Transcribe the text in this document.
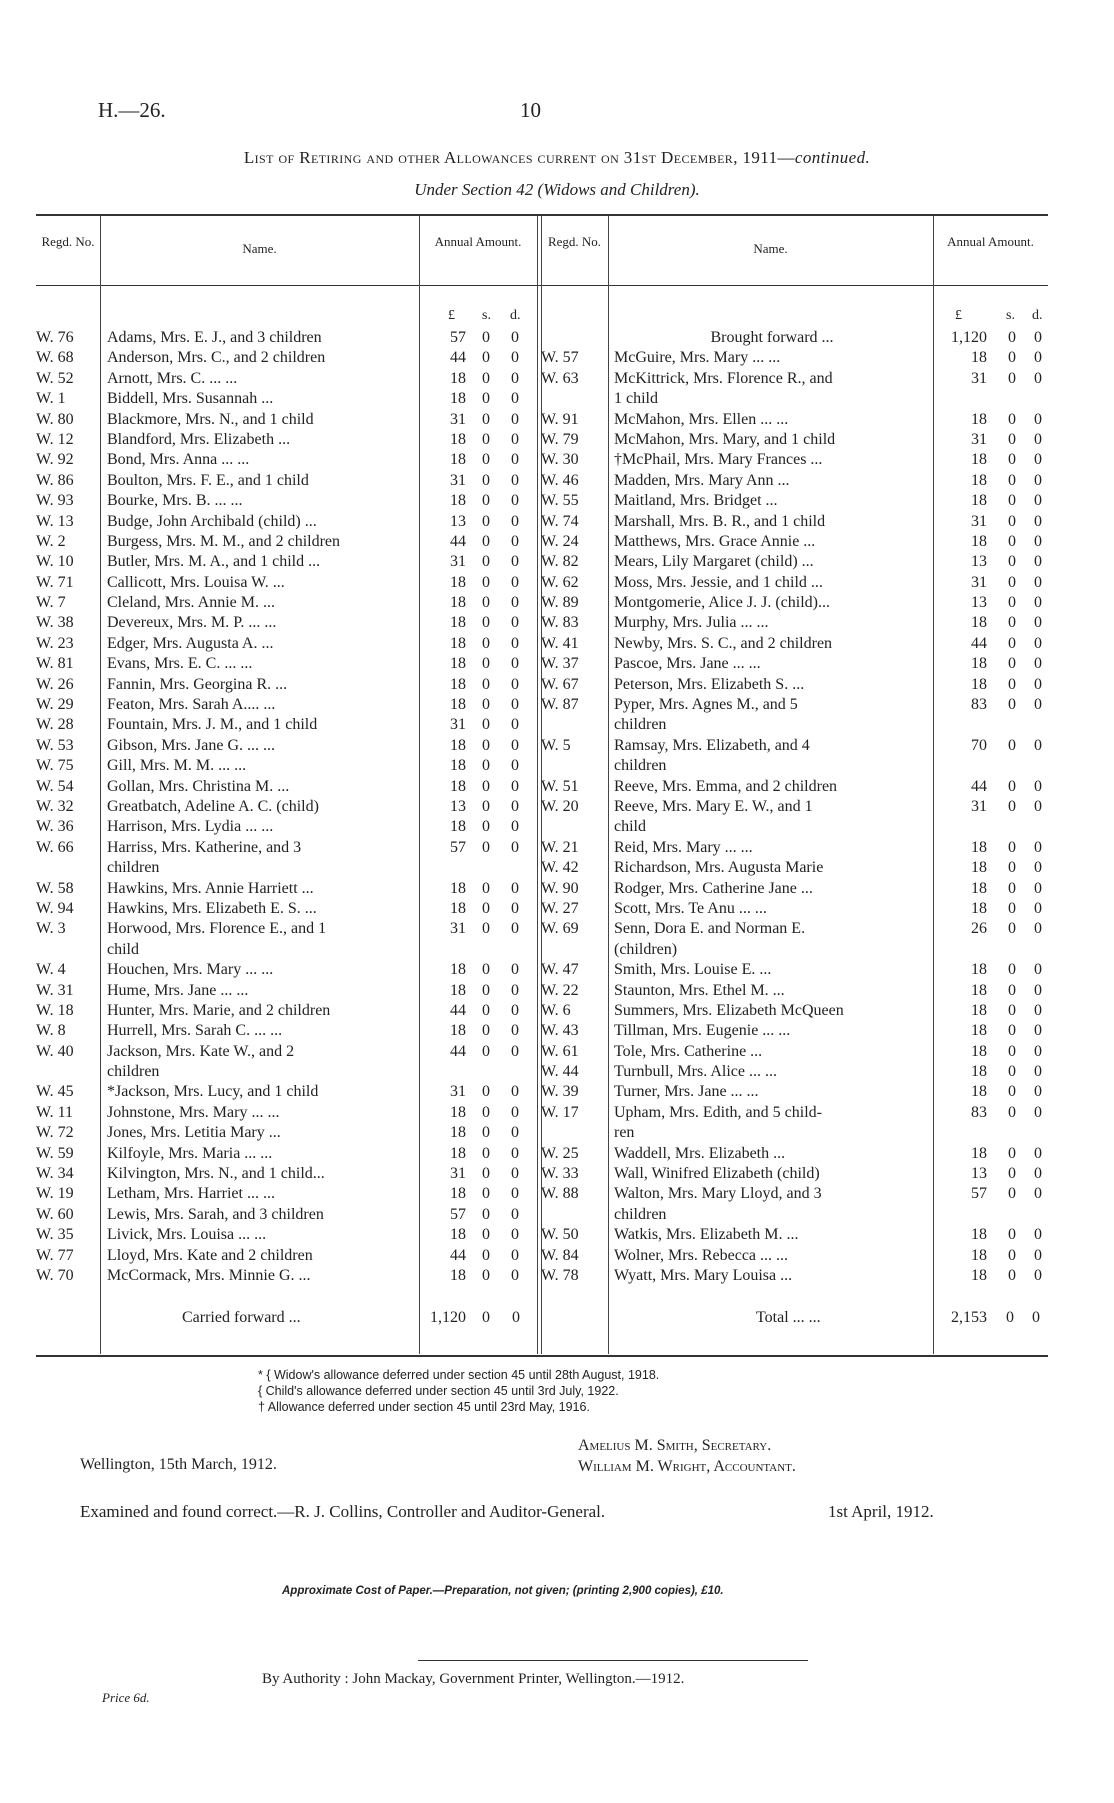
H.—26.	10
List of Retiring and other Allowances current on 31st December, 1911—continued.
Under Section 42 (Widows and Children).
Regd. No.	Name.	Annual Amount.	Regd. No.	Name.	Annual Amount.
£ s. d.	£	s. d.
W. 76 Adams, Mrs. E. J., and 3 children	57	0	0
W. 68 Anderson, Mrs. C., and 2 children	44	0	0
W. 52 Arnott, Mrs. C. ... ...	18	0	0
W. 1	Biddell, Mrs. Susannah ...	18	0	0
W. 80 Blackmore, Mrs. N., and 1 child	31	0	0
W. 12 Blandford, Mrs. Elizabeth ...	18	0	0
W. 92 Bond, Mrs. Anna ... ...	18	0	0
W. 86 Boulton, Mrs. F. E., and 1 child	31	0	0
W. 93 Bourke, Mrs. B. ... ...	18	0	0
W. 13 Budge, John Archibald (child) ...	13	0	0
W. 2	Burgess, Mrs. M. M., and 2 children	44	0	0
W. 10 Butler, Mrs. M. A., and 1 child ...	31	0	0
W. 71 Callicott, Mrs. Louisa W. ...	18	0	0
W. 7	Cleland, Mrs. Annie M. ...	18	0	0
W. 38 Devereux, Mrs. M. P. ... ...	18	0	0
W. 23 Edger, Mrs. Augusta A. ...	18	0	0
W. 81 Evans, Mrs. E. C. ... ...	18	0	0
W. 26 Fannin, Mrs. Georgina R. ...	18	0	0
W. 29 Featon, Mrs. Sarah A.... ...	18	0	0
W. 28 Fountain, Mrs. J. M., and 1 child	31	0	0
W. 53 Gibson, Mrs. Jane G. ... ...	18	0	0
W. 75 Gill, Mrs. M. M. ... ...	18	0	0
W. 54 Gollan, Mrs. Christina M. ...	18	0	0
W. 32 Greatbatch, Adeline A. C. (child)	13	0	0
W. 36 Harrison, Mrs. Lydia ... ...	18	0	0
W. 66 Harriss, Mrs. Katherine, and 3	57	0	0
children
W. 58 Hawkins, Mrs. Annie Harriett ...	18	0	0
W. 94 Hawkins, Mrs. Elizabeth E. S. ...	18	0	0
W. 3	Horwood, Mrs. Florence E., and 1	31	0	0
child
W. 4	Houchen, Mrs. Mary ... ...	18	0	0
W. 31 Hume, Mrs. Jane ... ...	18	0	0
W. 18 Hunter, Mrs. Marie, and 2 children	44	0	0
W. 8	Hurrell, Mrs. Sarah C. ... ...	18	0	0
W. 40 Jackson, Mrs. Kate W., and 2	44	0	0
children
W. 45 *Jackson, Mrs. Lucy, and 1 child	31	0	0
W. 11 Johnstone, Mrs. Mary ... ...	18	0	0
W. 72 Jones, Mrs. Letitia Mary ...	18	0	0
W. 59 Kilfoyle, Mrs. Maria ... ...	18	0	0
W. 34 Kilvington, Mrs. N., and 1 child...	31	0	0
W. 19 Letham, Mrs. Harriet ... ...	18	0	0
W. 60 Lewis, Mrs. Sarah, and 3 children	57	0	0
W. 35 Livick, Mrs. Louisa ... ...	18	0	0
W. 77 Lloyd, Mrs. Kate and 2 children	44	0	0
W. 70 McCormack, Mrs. Minnie G. ...	18	0	0
Brought forward ...	1,120	0	0
W. 57 McGuire, Mrs. Mary ... ...	18	0	0
W. 63 McKittrick, Mrs. Florence R., and	31	0	0
1 child
W. 91 McMahon, Mrs. Ellen ... ...	18	0	0
W. 79 McMahon, Mrs. Mary, and 1 child	31	0	0
W. 30 †McPhail, Mrs. Mary Frances ...	18	0	0
W. 46 Madden, Mrs. Mary Ann ...	18	0	0
W. 55 Maitland, Mrs. Bridget ...	18	0	0
W. 74 Marshall, Mrs. B. R., and 1 child	31	0	0
W. 24 Matthews, Mrs. Grace Annie ...	18	0	0
W. 82 Mears, Lily Margaret (child) ...	13	0	0
W. 62 Moss, Mrs. Jessie, and 1 child ...	31	0	0
W. 89 Montgomerie, Alice J. J. (child)...	13	0	0
W. 83 Murphy, Mrs. Julia ... ...	18	0	0
W. 41 Newby, Mrs. S. C., and 2 children	44	0	0
W. 37 Pascoe, Mrs. Jane ... ...	18	0	0
W. 67 Peterson, Mrs. Elizabeth S. ...	18	0	0
W. 87 Pyper, Mrs. Agnes M., and 5	83	0	0
children
W. 5	Ramsay, Mrs. Elizabeth, and 4	70	0	0
children
W. 51 Reeve, Mrs. Emma, and 2 children	44	0	0
W. 20 Reeve, Mrs. Mary E. W., and 1	31	0	0
child
W. 21 Reid, Mrs. Mary ... ...	18	0	0
W. 42 Richardson, Mrs. Augusta Marie	18	0	0
W. 90 Rodger, Mrs. Catherine Jane ...	18	0	0
W. 27 Scott, Mrs. Te Anu ... ...	18	0	0
W. 69 Senn, Dora E. and Norman E.	26	0	0
(children)
W. 47 Smith, Mrs. Louise E. ...	18	0	0
W. 22 Staunton, Mrs. Ethel M. ...	18	0	0
W. 6	Summers, Mrs. Elizabeth McQueen	18	0	0
W. 43 Tillman, Mrs. Eugenie ... ...	18	0	0
W. 61 Tole, Mrs. Catherine ...	18	0	0
W. 44 Turnbull, Mrs. Alice ... ...	18	0	0
W. 39 Turner, Mrs. Jane ... ...	18	0	0
W. 17 Upham, Mrs. Edith, and 5 child-	83	0	0
ren
W. 25 Waddell, Mrs. Elizabeth ...	18	0	0
W. 33 Wall, Winifred Elizabeth (child)	13	0	0
W. 88 Walton, Mrs. Mary Lloyd, and 3	57	0	0
children
W. 50 Watkis, Mrs. Elizabeth M. ...	18	0	0
W. 84 Wolner, Mrs. Rebecca ... ...	18	0	0
W. 78 Wyatt, Mrs. Mary Louisa ...	18	0	0
Carried forward ...	1,120 0 0	Total ... ...	2,153 0 0
* { Widow's allowance deferred under section 45 until 28th August, 1918.
{ Child's allowance deferred under section 45 until 3rd July, 1922.
† Allowance deferred under section 45 until 23rd May, 1916.
Wellington, 15th March, 1912.
Amelius M. Smith, Secretary.
William M. Wright, Accountant.
Examined and found correct.—R. J. Collins, Controller and Auditor-General.	1st April, 1912.
Approximate Cost of Paper.—Preparation, not given; (printing 2,900 copies), £10.
By Authority : John Mackay, Government Printer, Wellington.—1912.
Price 6d.
